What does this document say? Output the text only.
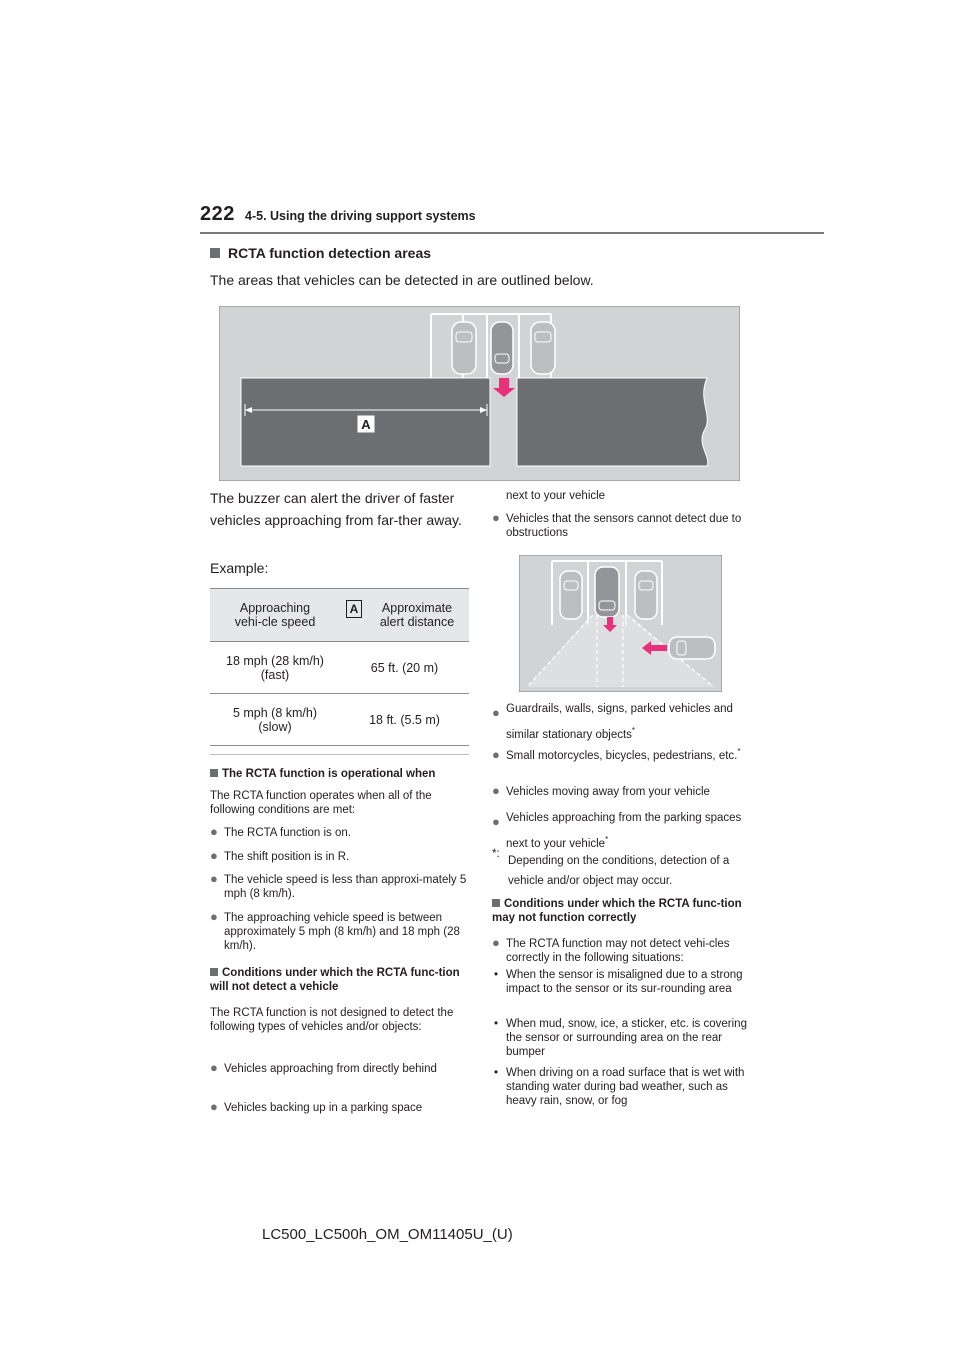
222 4-5. Using the driving support systems
RCTA function detection areas
The areas that vehicles can be detected in are outlined below.
A
The buzzer can alert the driver of faster vehicles approaching from far-ther away.
Example:
Approaching vehi-cle speed	A Approximate alert distance

18 mph (28 km/h)
(fast)	65 ft. (20 m)

5 mph (8 km/h)
(slow)	18 ft. (5.5 m)
The RCTA function is operational when
The RCTA function operates when all of the following conditions are met:
● The RCTA function is on.
● The shift position is in R.
● The vehicle speed is less than approxi-mately 5 mph (8 km/h).
● The approaching vehicle speed is between approximately 5 mph (8 km/h) and 18 mph (28 km/h).
Conditions under which the RCTA func-tion will not detect a vehicle
The RCTA function is not designed to detect the following types of vehicles and/or objects:
● Vehicles approaching from directly behind
● Vehicles backing up in a parking space
next to your vehicle
● Vehicles that the sensors cannot detect due to obstructions
● Guardrails, walls, signs, parked vehicles and similar stationary objects*
● Small motorcycles, bicycles, pedestrians, etc.*
● Vehicles moving away from your vehicle
● Vehicles approaching from the parking spaces next to your vehicle*
*:
Depending on the conditions, detection of a vehicle and/or object may occur.
Conditions under which the RCTA func-tion may not function correctly
● The RCTA function may not detect vehi-cles correctly in the following situations:
• When the sensor is misaligned due to a strong impact to the sensor or its sur-rounding area
• When mud, snow, ice, a sticker, etc. is covering the sensor or surrounding area on the rear bumper
• When driving on a road surface that is wet with standing water during bad weather, such as heavy rain, snow, or fog
LC500_LC500h_OM_OM11405U_(U)
